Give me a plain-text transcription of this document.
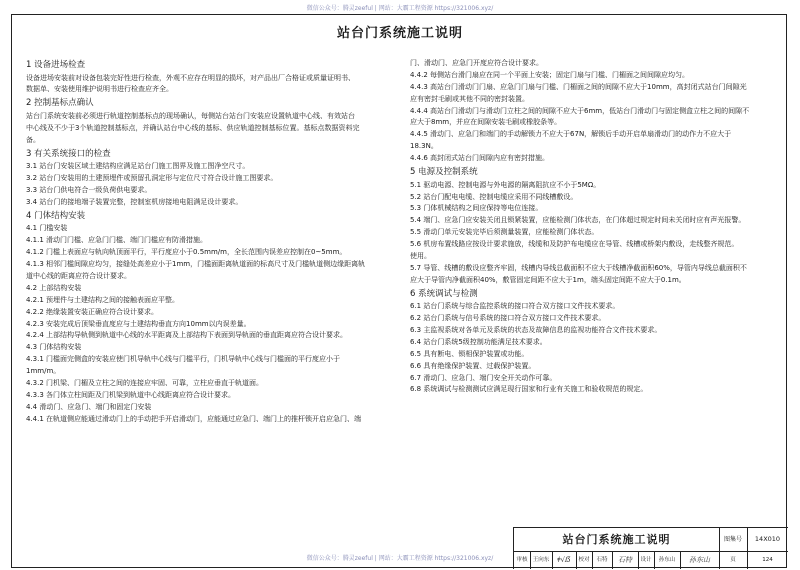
微信公众号：腾灵zeeful | 网站：大霸工程资源 https://321006.xyz/
站台门系统施工说明
1 设备进场检查
设备进场安装前对设备包装完好性进行检查，外观不应存在明显的损坏，对产品出厂合格证或质量证明书、
数据单、安装使用维护说明书进行检查应齐全。
2 控制基标点确认
站台门系统安装前必须进行轨道控制基标点的现场确认，每侧站台站台门安装应设置轨道中心线、有效站台
中心线及不少于3个轨道控制基标点，并确认站台中心线的基标、供应轨道控制基标位置。基标点数据资料完
备。
3 有关系统接口的检查
3.1 站台门安装区域土建结构应满足站台门施工图界及施工图净空尺寸。
3.2 站台门安装用的土建预埋件或预留孔洞定形与定位尺寸符合设计施工图要求。
3.3 站台门供电符合一级负荷供电要求。
3.4 站台门的接地端子装置完整，控制室机房接地电阻满足设计要求。
4 门体结构安装
4.1 门槛安装
4.1.1 滑动门门槛、应急门门槛、端门门槛应有防滑措施。
4.1.2 门槛上表面应与轨向轨顶面平行，平行度应小于0.5mm/m，全长范围内误差应控制在0~5mm。
4.1.3 相邻门槛间隙应均匀，接缝处高差应小于1mm，门槛面距离轨道面的标高尺寸及门槛轨道侧边缘距离轨
道中心线的距离应符合设计要求。
4.2 上部结构安装
4.2.1 预埋件与土建结构之间的接触表面应平整。
4.2.2 绝缘装置安装正确应符合设计要求。
4.2.3 安装完成后顶梁垂直度应与土建结构垂直方向10mm以内误差量。
4.2.4 上部结构导轨侧到轨道中心线的水平距离及上部结构下表面到导轨面的垂直距离应符合设计要求。
4.3 门体结构安装
4.3.1 门槛面完侧盒的安装应使门机导轨中心线与门槛平行，门机导轨中心线与门槛面的平行度应小于
1mm/m。
4.3.2 门机梁、门楣及立柱之间的连接应牢固、可靠，立柱应垂直于轨道面。
4.3.3 各门体立柱间距及门机梁到轨道中心线距离应符合设计要求。
4.4 滑动门、应急门、端门和固定门安装
4.4.1 在轨道侧应能通过滑动门上的手动把手开启滑动门，应能通过应急门、端门上的推杆锁开启应急门、端
门、滑动门、应急门开度应符合设计要求。
4.4.2 每侧站台滑门扇应在同一个平面上安装；固定门扇与门槛、门楣面之间间隙应均匀。
4.4.3 高站台门滑动门门扇、应急门门扇与门槛、门楣面之间的间隙不应大于10mm，高封闭式站台门间隙光
应有密封毛刷或其他不同的密封装置。
4.4.4 高站台门滑动门与滑动门立柱之间的间隙不应大于6mm，低站台门滑动门与固定侧盒立柱之间的间隙不
应大于8mm，并应在间隙安装毛刷或橡胶条等。
4.4.5 滑动门、应急门和端门的手动解锁力不应大于67N，解锁后手动开启单扇滑动门的动作力不应大于
18.3N。
4.4.6 高封闭式站台门间隙内应有密封措施。
5 电源及控制系统
5.1 驱动电源、控制电源与外电源的隔离阻抗应不小于5MΩ。
5.2 站台门配电电缆、控制电缆应采用不同线槽敷设。
5.3 门体机械结构之间应保持等电位连接。
5.4 端门、应急门应安装关闭且锁紧装置，应能检测门体状态，在门体超过规定时间未关闭时应有声光报警。
5.5 滑动门单元安装完毕后须测量装置，应能检测门体状态。
5.6 机房布置线路应按设计要求施放，线缆和及防护布电缆应在导管、线槽或桥架内敷设，走线整齐规范。
使用。
5.7 导管、线槽的敷设应整齐牢固，线槽内导线总截面积不应大于线槽净截面积60%，导管内导线总截面积不
应大于导管内净截面积40%，敷管固定间距不应大于1m，端头固定间距不应大于0.1m。
6 系统调试与检测
6.1 站台门系统与综合监控系统的接口符合双方接口文件技术要求。
6.2 站台门系统与信号系统的接口符合双方接口文件技术要求。
6.3 主监视系统对各单元及系统的状态及故障信息的监视功能符合文件技术要求。
6.4 站台门系统5级控制功能满足技术要求。
6.5 具有断电、锁相保护装置或功能。
6.6 具有绝缘保护装置、过载保护装置。
6.7 滑动门、应急门、端门安全开关动作可靠。
6.8 系统调试与检测测试应满足现行国家和行业有关施工和验收规范的规定。
站台门系统施工说明	图集号	14X010
审核 王向东	ǂ√ẞ	校对	石特	石特	设计	孙东山	孙东山	页	124
微信公众号：腾灵zeeful | 网站：大霸工程资源 https://321006.xyz/
